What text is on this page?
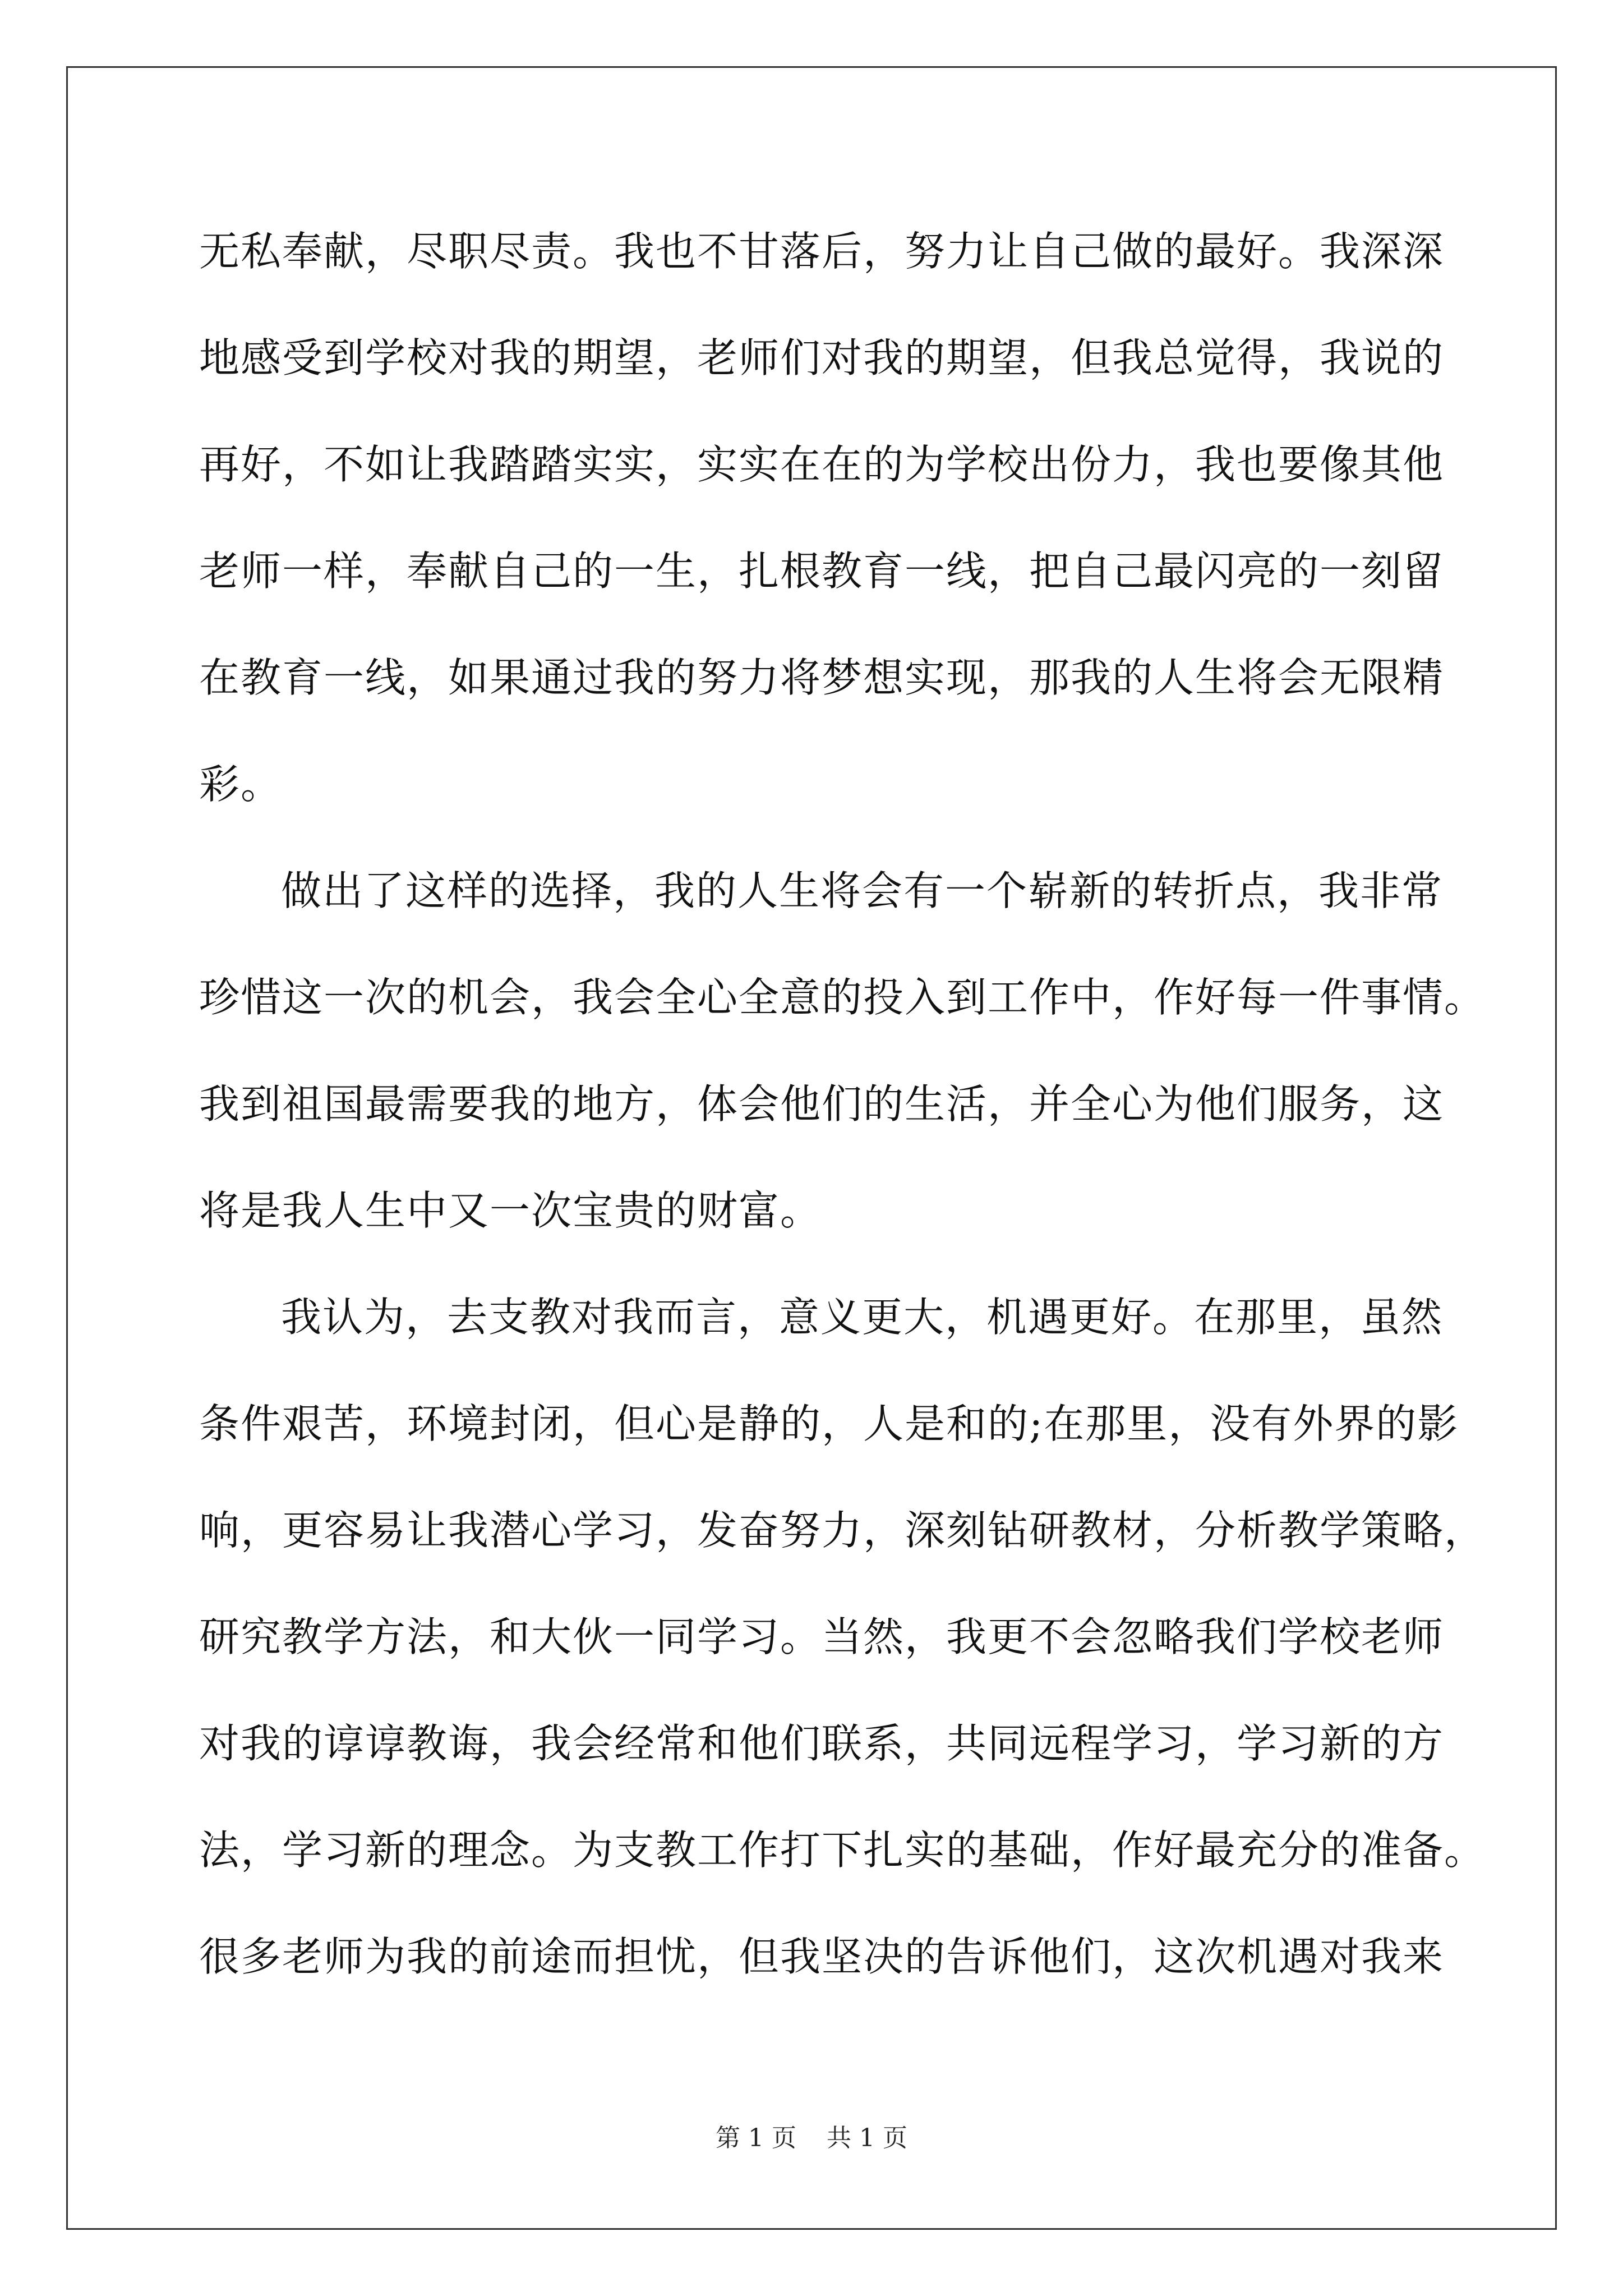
无私奉献，尽职尽责。我也不甘落后，努力让自己做的最好。我深深
地感受到学校对我的期望，老师们对我的期望，但我总觉得，我说的
再好，不如让我踏踏实实，实实在在的为学校出份力，我也要像其他
老师一样，奉献自己的一生，扎根教育一线，把自己最闪亮的一刻留
在教育一线，如果通过我的努力将梦想实现，那我的人生将会无限精
彩。
做出了这样的选择，我的人生将会有一个崭新的转折点，我非常
珍惜这一次的机会，我会全心全意的投入到工作中，作好每一件事情。
我到祖国最需要我的地方，体会他们的生活，并全心为他们服务，这
将是我人生中又一次宝贵的财富。
我认为，去支教对我而言，意义更大，机遇更好。在那里，虽然
条件艰苦，环境封闭，但心是静的，人是和的;在那里，没有外界的影
响，更容易让我潜心学习，发奋努力，深刻钻研教材，分析教学策略，
研究教学方法，和大伙一同学习。当然，我更不会忽略我们学校老师
对我的谆谆教诲，我会经常和他们联系，共同远程学习，学习新的方
法，学习新的理念。为支教工作打下扎实的基础，作好最充分的准备。
很多老师为我的前途而担忧，但我坚决的告诉他们，这次机遇对我来
第 1 页 共 1 页
